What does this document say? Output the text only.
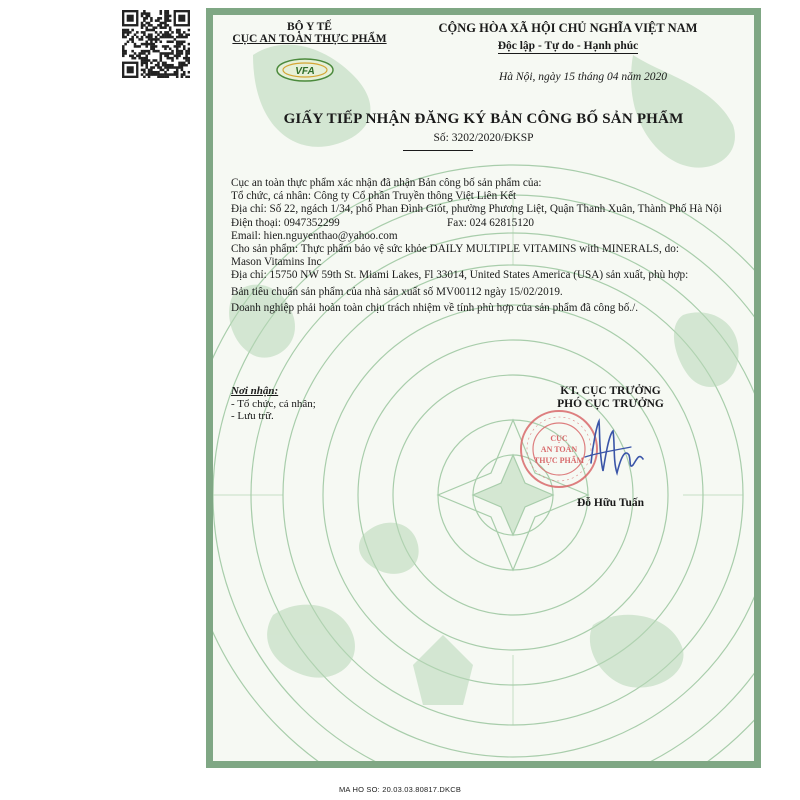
BỘ Y TẾ
CỤC AN TOÀN THỰC PHẨM
VFA
CỘNG HÒA XÃ HỘI CHỦ NGHĨA VIỆT NAM
Độc lập - Tự do - Hạnh phúc
Hà Nội, ngày 15 tháng 04 năm 2020
GIẤY TIẾP NHẬN ĐĂNG KÝ BẢN CÔNG BỐ SẢN PHẨM
Số: 3202/2020/ĐKSP

Cục an toàn thực phẩm xác nhận đã nhận Bản công bố sản phẩm của:

Tổ chức, cá nhân: Công ty Cổ phần Truyền thông Việt Liên Kết

Địa chỉ: Số 22, ngách 1/34, phố Phan Đình Giót, phường Phương Liệt, Quận Thanh Xuân, Thành Phố Hà Nội

Điện thoại: 0947352299	Fax: 024 62815120

Email: hien.nguyenthao@yahoo.com

Cho sản phẩm: Thực phẩm bảo vệ sức khỏe DAILY MULTIPLE VITAMINS with MINERALS, do:

Mason Vitamins Inc

Địa chỉ: 15750 NW 59th St. Miami Lakes, Fl 33014, United States America (USA) sản xuất, phù hợp:

Bản tiêu chuẩn sản phẩm của nhà sản xuất số MV00112 ngày 15/02/2019.

Doanh nghiệp phải hoàn toàn chịu trách nhiệm về tính phù hợp của sản phẩm đã công bố./.

Nơi nhận:
- Tổ chức, cá nhân;
- Lưu trữ.
KT. CỤC TRƯỞNG
PHÓ CỤC TRƯỞNG
CỤC
AN TOÀN
THỰC PHẨM
Đỗ Hữu Tuấn
MA HO SO: 20.03.03.80817.DKCB
